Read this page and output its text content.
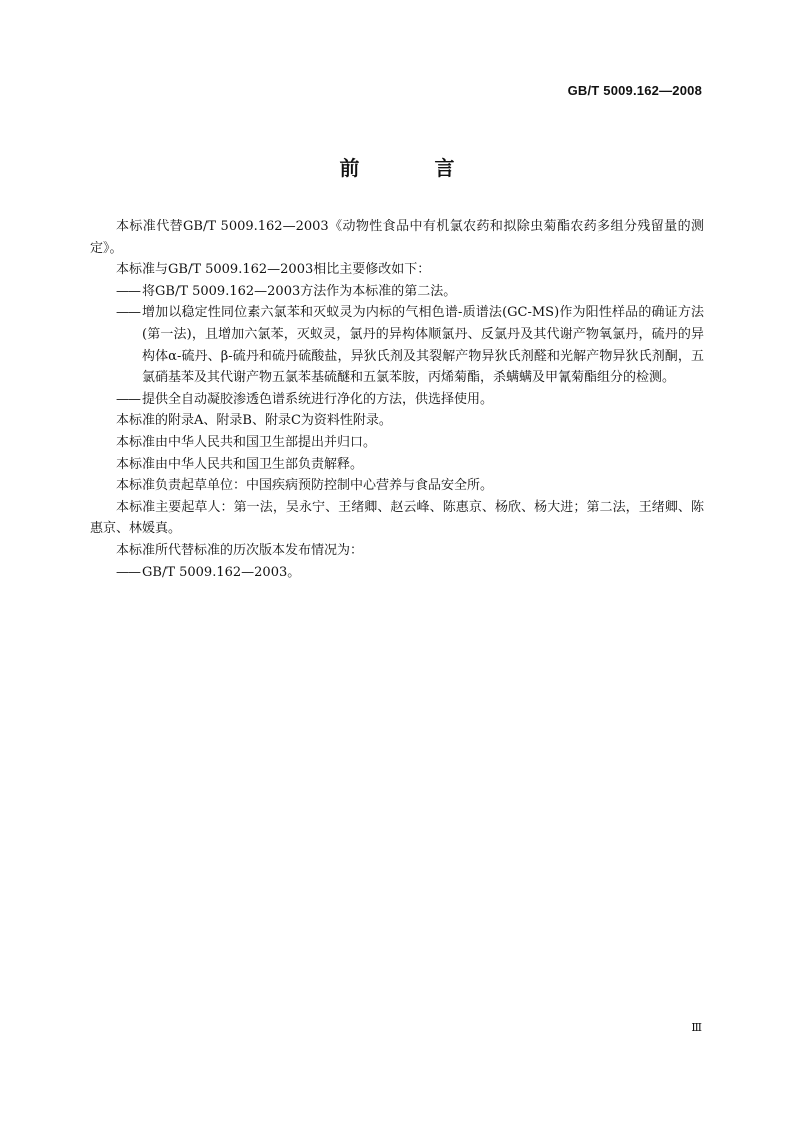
GB/T 5009.162—2008
前 言

本标准代替GB/T 5009.162—2003《动物性食品中有机氯农药和拟除虫菊酯农药多组分残留量的测定》。

本标准与GB/T 5009.162—2003相比主要修改如下：

—— 将GB/T 5009.162—2003方法作为本标准的第二法。

—— 增加以稳定性同位素六氯苯和灭蚁灵为内标的气相色谱-质谱法(GC-MS)作为阳性样品的确证方法(第一法)，且增加六氯苯，灭蚁灵，氯丹的异构体顺氯丹、反氯丹及其代谢产物氧氯丹，硫丹的异构体α-硫丹、β-硫丹和硫丹硫酸盐，异狄氏剂及其裂解产物异狄氏剂醛和光解产物异狄氏剂酮，五氯硝基苯及其代谢产物五氯苯基硫醚和五氯苯胺，丙烯菊酯，杀螨螨及甲氰菊酯组分的检测。

—— 提供全自动凝胶渗透色谱系统进行净化的方法，供选择使用。

本标准的附录A、附录B、附录C为资料性附录。

本标准由中华人民共和国卫生部提出并归口。

本标准由中华人民共和国卫生部负责解释。

本标准负责起草单位：中国疾病预防控制中心营养与食品安全所。

本标准主要起草人：第一法，吴永宁、王绪卿、赵云峰、陈惠京、杨欣、杨大进；第二法，王绪卿、陈惠京、林媛真。

本标准所代替标准的历次版本发布情况为：

—— GB/T 5009.162—2003。

Ⅲ
